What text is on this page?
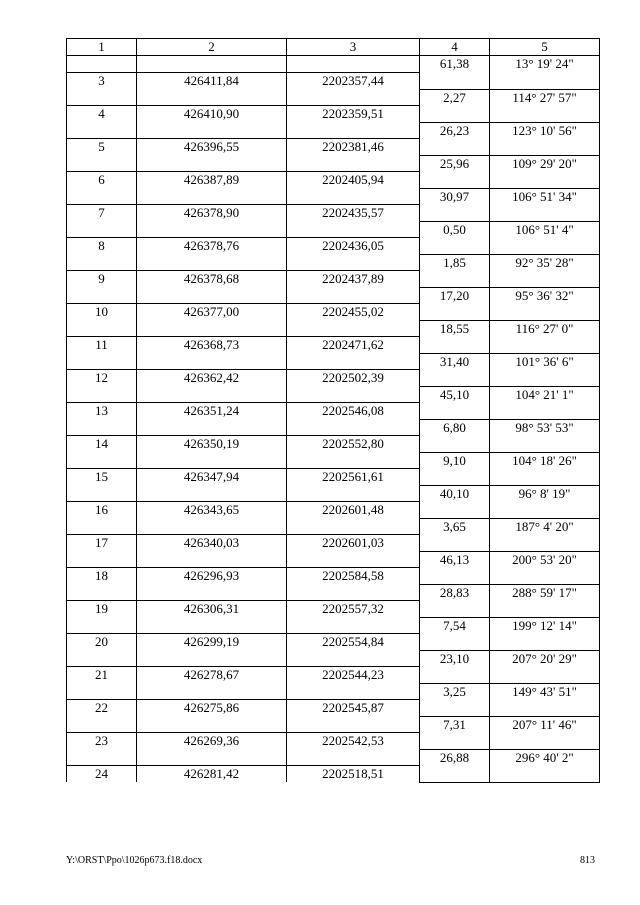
1	2	3	4	5
			61,38	13° 19' 24"
3	426411,84	2202357,44		
			2,27	114° 27' 57"
4	426410,90	2202359,51		
			26,23	123° 10' 56"
5	426396,55	2202381,46		
			25,96	109° 29' 20"
6	426387,89	2202405,94		
			30,97	106° 51' 34"
7	426378,90	2202435,57		
			0,50	106° 51' 4"
8	426378,76	2202436,05		
			1,85	92° 35' 28"
9	426378,68	2202437,89		
			17,20	95° 36' 32"
10	426377,00	2202455,02		
			18,55	116° 27' 0"
11	426368,73	2202471,62		
			31,40	101° 36' 6"
12	426362,42	2202502,39		
			45,10	104° 21' 1"
13	426351,24	2202546,08		
			6,80	98° 53' 53"
14	426350,19	2202552,80		
			9,10	104° 18' 26"
15	426347,94	2202561,61		
			40,10	96° 8' 19"
16	426343,65	2202601,48		
			3,65	187° 4' 20"
17	426340,03	2202601,03		
			46,13	200° 53' 20"
18	426296,93	2202584,58		
			28,83	288° 59' 17"
19	426306,31	2202557,32		
			7,54	199° 12' 14"
20	426299,19	2202554,84		
			23,10	207° 20' 29"
21	426278,67	2202544,23		
			3,25	149° 43' 51"
22	426275,86	2202545,87		
			7,31	207° 11' 46"
23	426269,36	2202542,53		
			26,88	296° 40' 2"
24	426281,42	2202518,51		
Y:\ORST\Ppo\1026p673.f18.docx	813
